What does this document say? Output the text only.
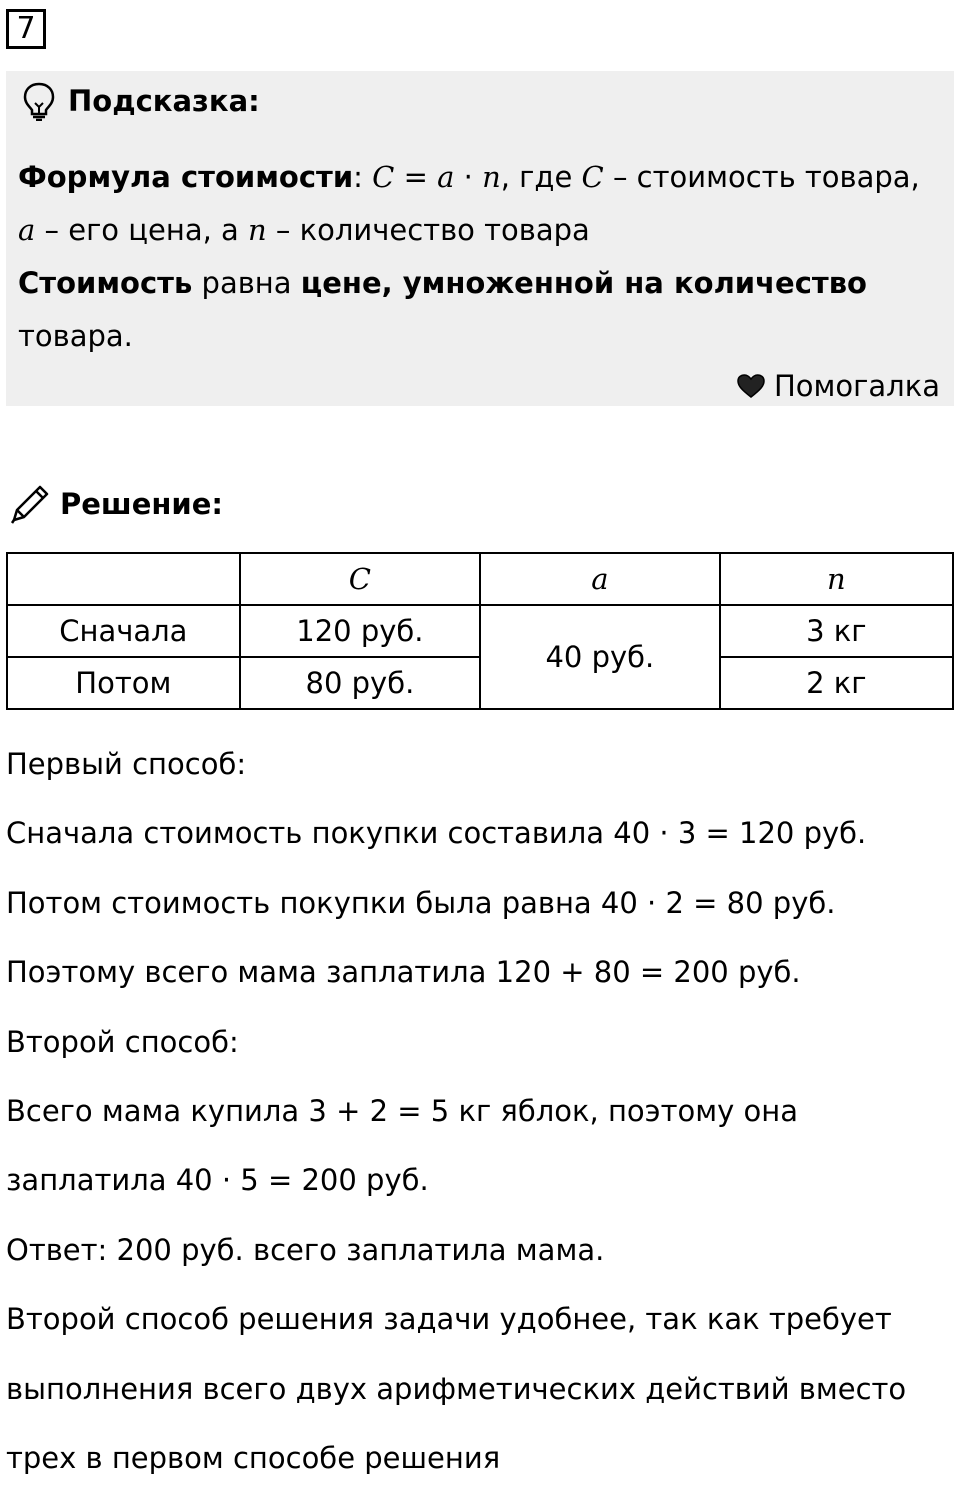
7
Подсказка:
Формула стоимости: C = a · n, где C – стоимость товара,
a – его цена, а n – количество товара
Стоимость равна цене, умноженной на количество
товара.
Помогалка
Решение:
	C	a	n
Сначала	120 руб.	40 руб.	3 кг
Потом	80 руб.		2 кг
Первый способ:
Сначала стоимость покупки составила 40 · 3 = 120 руб.
Потом стоимость покупки была равна 40 · 2 = 80 руб.
Поэтому всего мама заплатила 120 + 80 = 200 руб.
Второй способ:
Всего мама купила 3 + 2 = 5 кг яблок, поэтому она
заплатила 40 · 5 = 200 руб.
Ответ: 200 руб. всего заплатила мама.
Второй способ решения задачи удобнее, так как требует
выполнения всего двух арифметических действий вместо
трех в первом способе решения
